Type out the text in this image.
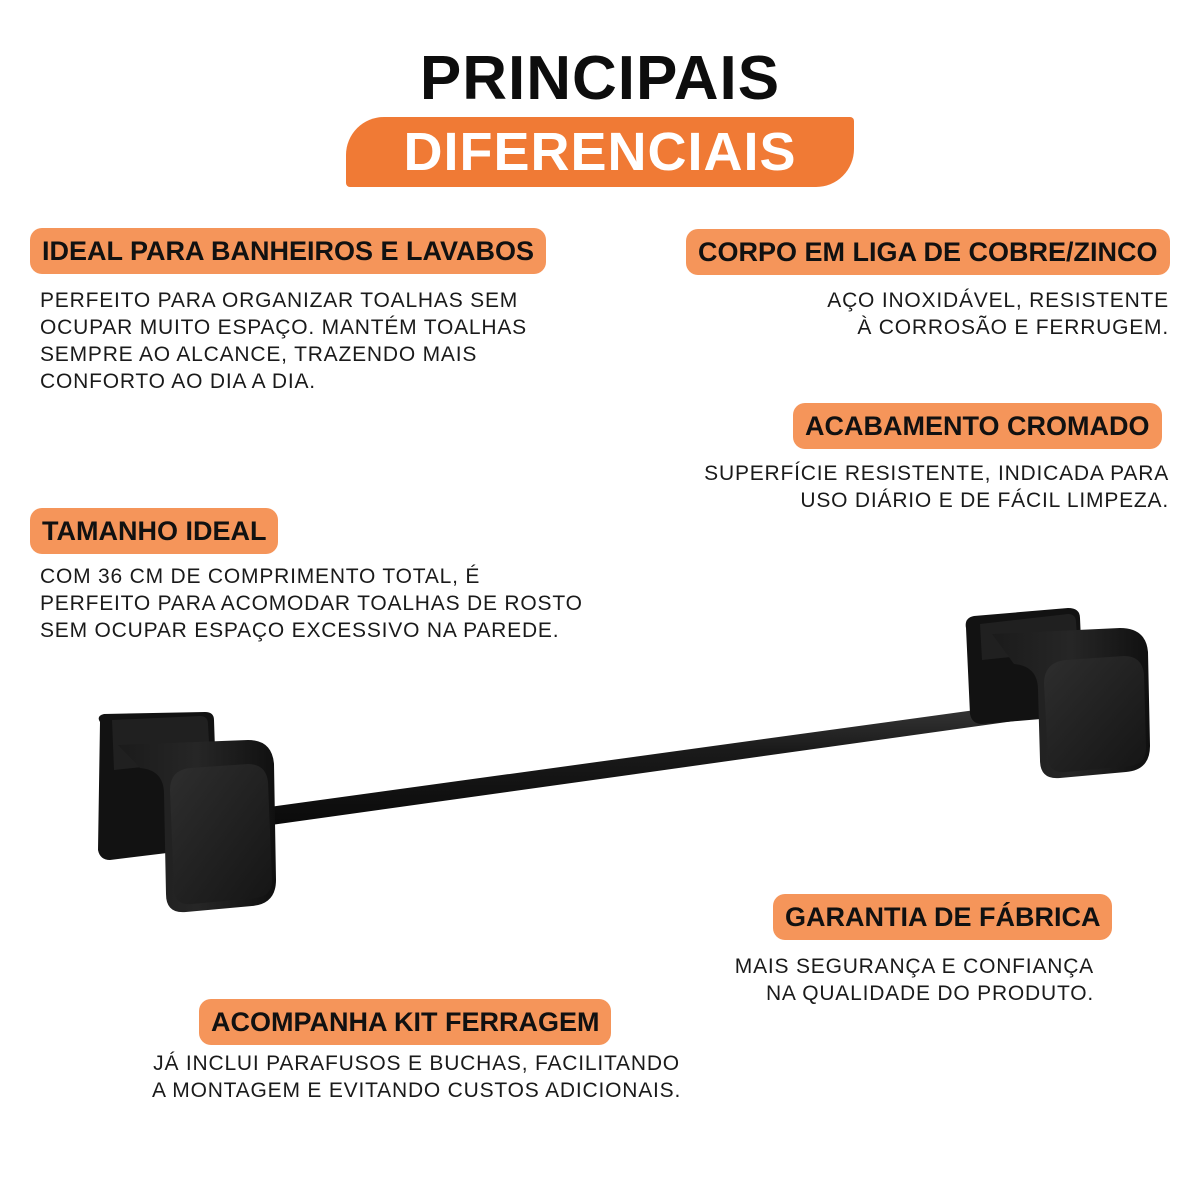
PRINCIPAIS
DIFERENCIAIS
IDEAL PARA BANHEIROS E LAVABOS

PERFEITO PARA ORGANIZAR TOALHAS SEM
OCUPAR MUITO ESPAÇO. MANTÉM TOALHAS
SEMPRE AO ALCANCE, TRAZENDO MAIS
CONFORTO AO DIA A DIA.

CORPO EM LIGA DE COBRE/ZINCO

AÇO INOXIDÁVEL, RESISTENTE
À CORROSÃO E FERRUGEM.

ACABAMENTO CROMADO

SUPERFÍCIE RESISTENTE, INDICADA PARA
USO DIÁRIO E DE FÁCIL LIMPEZA.

TAMANHO IDEAL

COM 36 CM DE COMPRIMENTO TOTAL, É
PERFEITO PARA ACOMODAR TOALHAS DE ROSTO
SEM OCUPAR ESPAÇO EXCESSIVO NA PAREDE.

GARANTIA DE FÁBRICA

MAIS SEGURANÇA E CONFIANÇA
NA QUALIDADE DO PRODUTO.

ACOMPANHA KIT FERRAGEM

JÁ INCLUI PARAFUSOS E BUCHAS, FACILITANDO
A MONTAGEM E EVITANDO CUSTOS ADICIONAIS.
